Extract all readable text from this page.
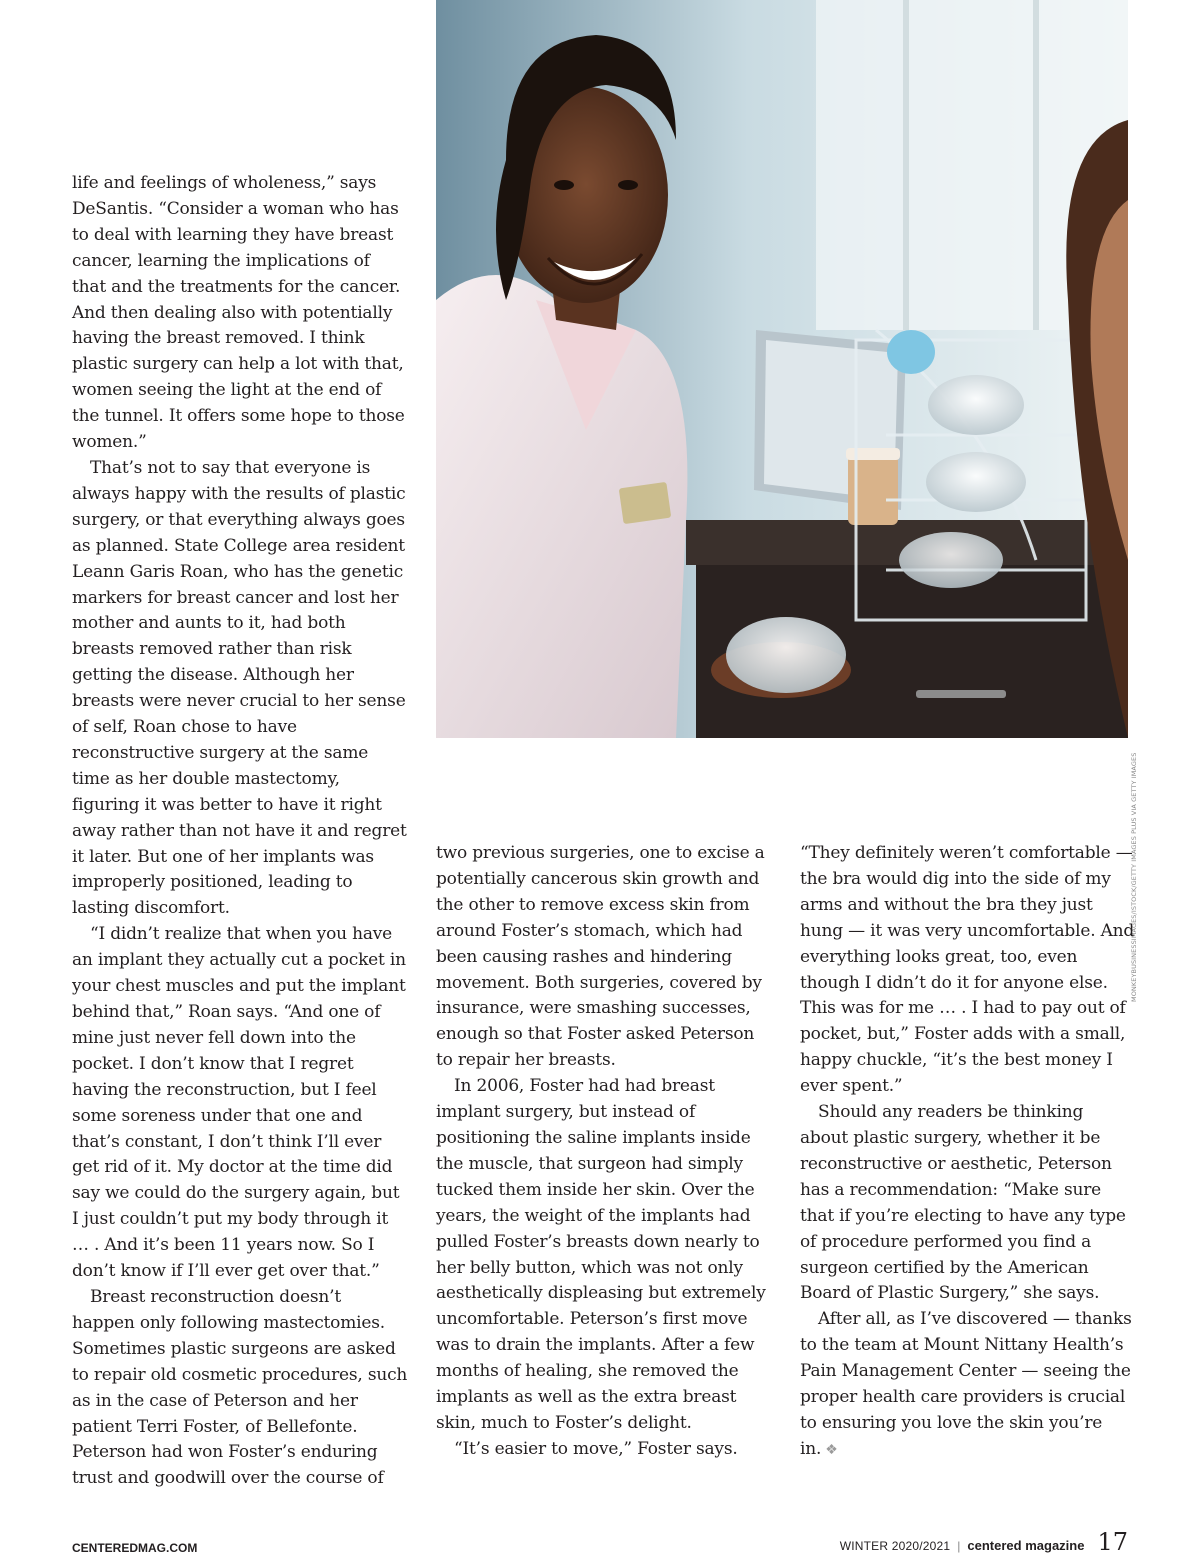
life and feelings of wholeness,” says DeSantis. “Consider a woman who has to deal with learning they have breast cancer, learning the implications of that and the treatments for the cancer. And then dealing also with potentially having the breast removed. I think plastic surgery can help a lot with that, women seeing the light at the end of the tunnel. It offers some hope to those women.”

That’s not to say that everyone is always happy with the results of plastic surgery, or that everything always goes as planned. State College area resident Leann Garis Roan, who has the genetic markers for breast cancer and lost her mother and aunts to it, had both breasts removed rather than risk getting the disease. Although her breasts were never crucial to her sense of self, Roan chose to have reconstructive surgery at the same time as her double mastectomy, figuring it was better to have it right away rather than not have it and regret it later. But one of her implants was improperly positioned, leading to lasting discomfort.

“I didn’t realize that when you have an implant they actually cut a pocket in your chest muscles and put the implant behind that,” Roan says. “And one of mine just never fell down into the pocket. I don’t know that I regret having the reconstruction, but I feel some soreness under that one and that’s constant, I don’t think I’ll ever get rid of it. My doctor at the time did say we could do the surgery again, but I just couldn’t put my body through it … . And it’s been 11 years now. So I don’t know if I’ll ever get over that.”

Breast reconstruction doesn’t happen only following mastectomies. Sometimes plastic surgeons are asked to repair old cosmetic procedures, such as in the case of Peterson and her patient Terri Foster, of Bellefonte. Peterson had won Foster’s enduring trust and goodwill over the course of

MONKEYBUSINESSIMAGES/ISTOCK/GETTY IMAGES PLUS VIA GETTY IMAGES

two previous surgeries, one to excise a potentially cancerous skin growth and the other to remove excess skin from around Foster’s stomach, which had been causing rashes and hindering movement. Both surgeries, covered by insurance, were smashing successes, enough so that Foster asked Peterson to repair her breasts.

In 2006, Foster had had breast implant surgery, but instead of positioning the saline implants inside the muscle, that surgeon had simply tucked them inside her skin. Over the years, the weight of the implants had pulled Foster’s breasts down nearly to her belly button, which was not only aesthetically displeasing but extremely uncomfortable. Peterson’s first move was to drain the implants. After a few months of healing, she removed the implants as well as the extra breast skin, much to Foster’s delight.

“It’s easier to move,” Foster says.

“They definitely weren’t comfortable — the bra would dig into the side of my arms and without the bra they just hung — it was very uncomfortable. And everything looks great, too, even though I didn’t do it for anyone else. This was for me … . I had to pay out of pocket, but,” Foster adds with a small, happy chuckle, “it’s the best money I ever spent.”

Should any readers be thinking about plastic surgery, whether it be reconstructive or aesthetic, Peterson has a recommendation: “Make sure that if you’re electing to have any type of procedure performed you find a surgeon certified by the American Board of Plastic Surgery,” she says.

After all, as I’ve discovered — thanks to the team at Mount Nittany Health’s Pain Management Center — seeing the proper health care providers is crucial to ensuring you love the skin you’re in. ❖

CENTEREDMAG.COM	WINTER 2020/2021 | centered magazine 17
